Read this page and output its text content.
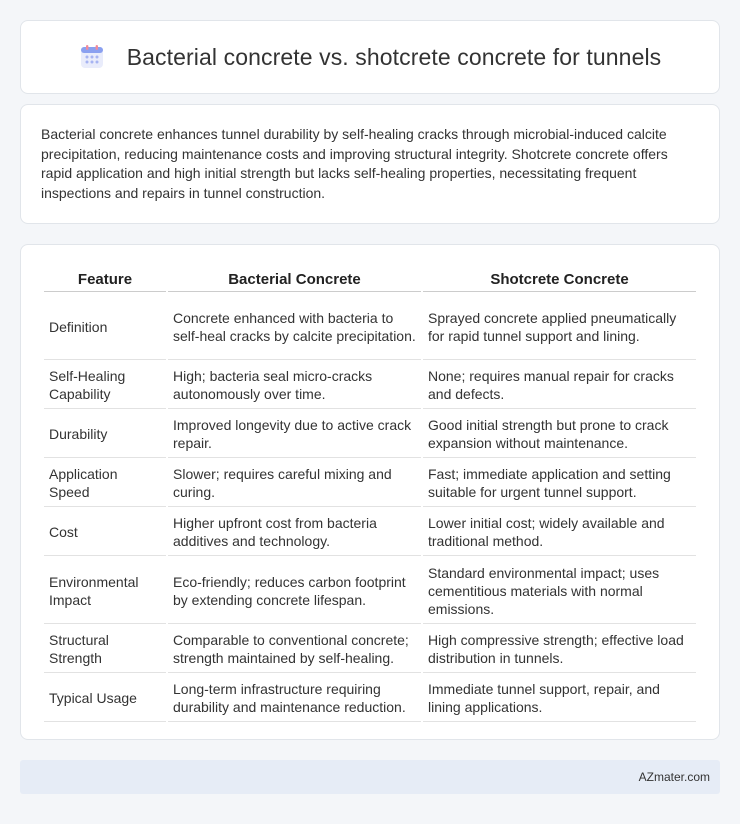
Bacterial concrete vs. shotcrete concrete for tunnels

Bacterial concrete enhances tunnel durability by self-healing cracks through microbial-induced calcite precipitation, reducing maintenance costs and improving structural integrity. Shotcrete concrete offers rapid application and high initial strength but lacks self-healing properties, necessitating frequent inspections and repairs in tunnel construction.

Feature	Bacterial Concrete	Shotcrete Concrete
Definition	Concrete enhanced with bacteria to self-heal cracks by calcite precipitation.	Sprayed concrete applied pneumatically for rapid tunnel support and lining.
Self-Healing Capability	High; bacteria seal micro-cracks autonomously over time.	None; requires manual repair for cracks and defects.
Durability	Improved longevity due to active crack repair.	Good initial strength but prone to crack expansion without maintenance.
Application Speed	Slower; requires careful mixing and curing.	Fast; immediate application and setting suitable for urgent tunnel support.
Cost	Higher upfront cost from bacteria additives and technology.	Lower initial cost; widely available and traditional method.
Environmental Impact	Eco-friendly; reduces carbon footprint by extending concrete lifespan.	Standard environmental impact; uses cementitious materials with normal emissions.
Structural Strength	Comparable to conventional concrete; strength maintained by self-healing.	High compressive strength; effective load distribution in tunnels.
Typical Usage	Long-term infrastructure requiring durability and maintenance reduction.	Immediate tunnel support, repair, and lining applications.
AZmater.com
